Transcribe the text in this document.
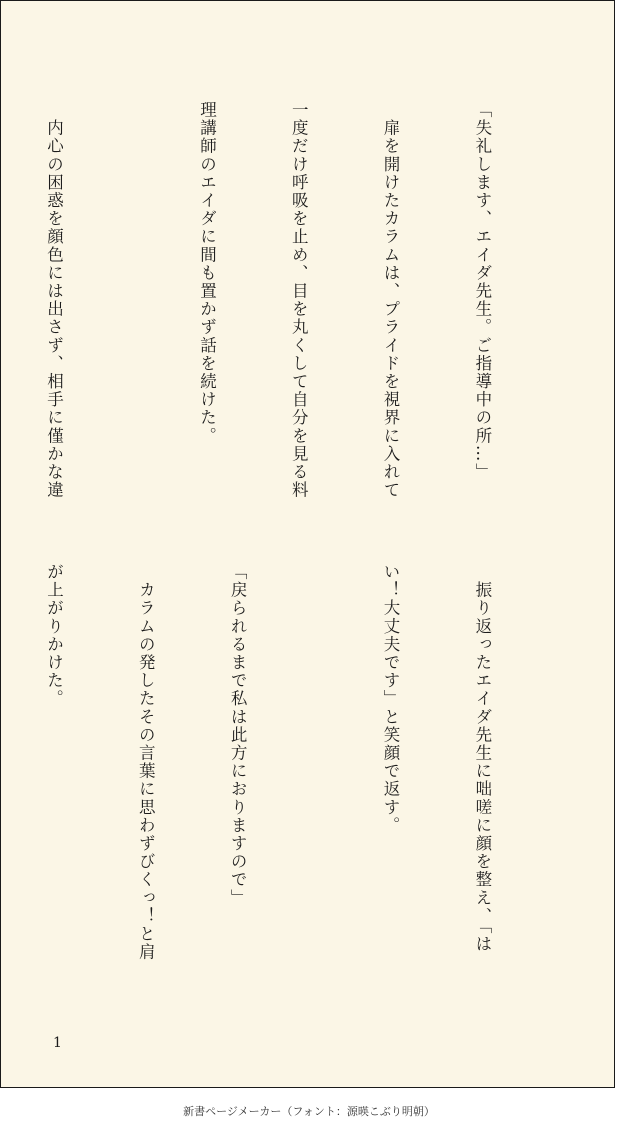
「失礼します、エイダ先生。ご指導中の所…」

　扉を開けたカラムは、プライドを視界に入れて

一度だけ呼吸を止め、目を丸くして自分を見る料

理講師のエイダに間も置かず話を続けた。

　内心の困惑を顔色には出さず、相手に僅かな違

　振り返ったエイダ先生に咄嗟に顔を整え、「は

い！大丈夫です」と笑顔で返す。

「戻られるまで私は此方におりますので」

　カラムの発したその言葉に思わずびくっ！と肩

が上がりかけた。

1
新書ページメーカー（フォント：源暎こぶり明朝）
